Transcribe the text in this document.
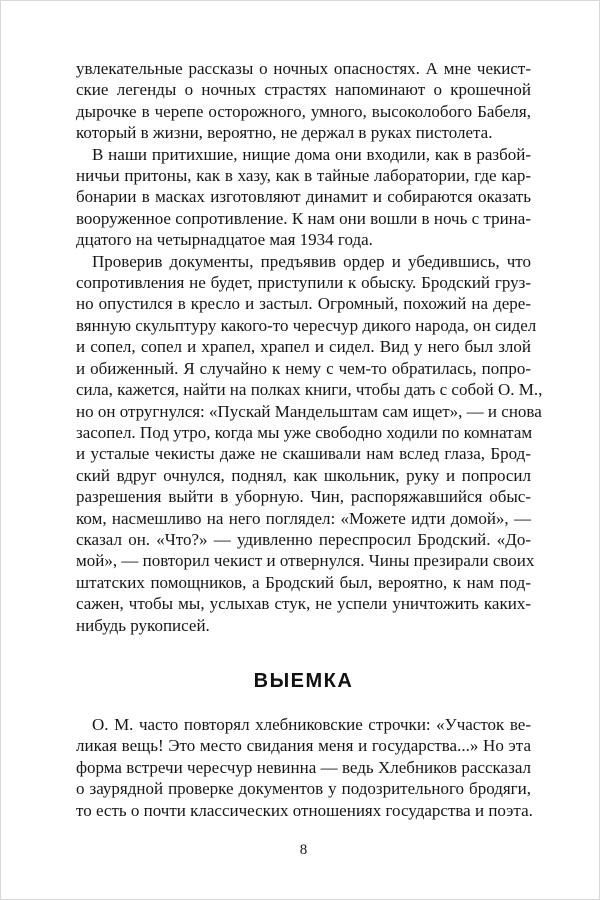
увлекательные рассказы о ночных опасностях. А мне чекист-
ские легенды о ночных страстях напоминают о крошечной
дырочке в черепе осторожного, умного, высоколобого Бабеля,
который в жизни, вероятно, не держал в руках пистолета.
В наши притихшие, нищие дома они входили, как в разбой-
ничьи притоны, как в хазу, как в тайные лаборатории, где кар-
бонарии в масках изготовляют динамит и собираются оказать
вооруженное сопротивление. К нам они вошли в ночь с трина-
дцатого на четырнадцатое мая 1934 года.
Проверив документы, предъявив ордер и убедившись, что
сопротивления не будет, приступили к обыску. Бродский груз-
но опустился в кресло и застыл. Огромный, похожий на дере-
вянную скульптуру какого-то чересчур дикого народа, он сидел
и сопел, сопел и храпел, храпел и сидел. Вид у него был злой
и обиженный. Я случайно к нему с чем-то обратилась, попро-
сила, кажется, найти на полках книги, чтобы дать с собой О. М.,
но он отругнулся: «Пускай Мандельштам сам ищет», — и снова
засопел. Под утро, когда мы уже свободно ходили по комнатам
и усталые чекисты даже не скашивали нам вслед глаза, Брод-
ский вдруг очнулся, поднял, как школьник, руку и попросил
разрешения выйти в уборную. Чин, распоряжавшийся обыс-
ком, насмешливо на него поглядел: «Можете идти домой», —
сказал он. «Что?» — удивленно переспросил Бродский. «До-
мой», — повторил чекист и отвернулся. Чины презирали своих
штатских помощников, а Бродский был, вероятно, к нам под-
сажен, чтобы мы, услыхав стук, не успели уничтожить каких-
нибудь рукописей.
ВЫЕМКА
О. М. часто повторял хлебниковские строчки: «Участок ве-
ликая вещь! Это место свидания меня и государства...» Но эта
форма встречи чересчур невинна — ведь Хлебников рассказал
о заурядной проверке документов у подозрительного бродяги,
то есть о почти классических отношениях государства и поэта.
8
